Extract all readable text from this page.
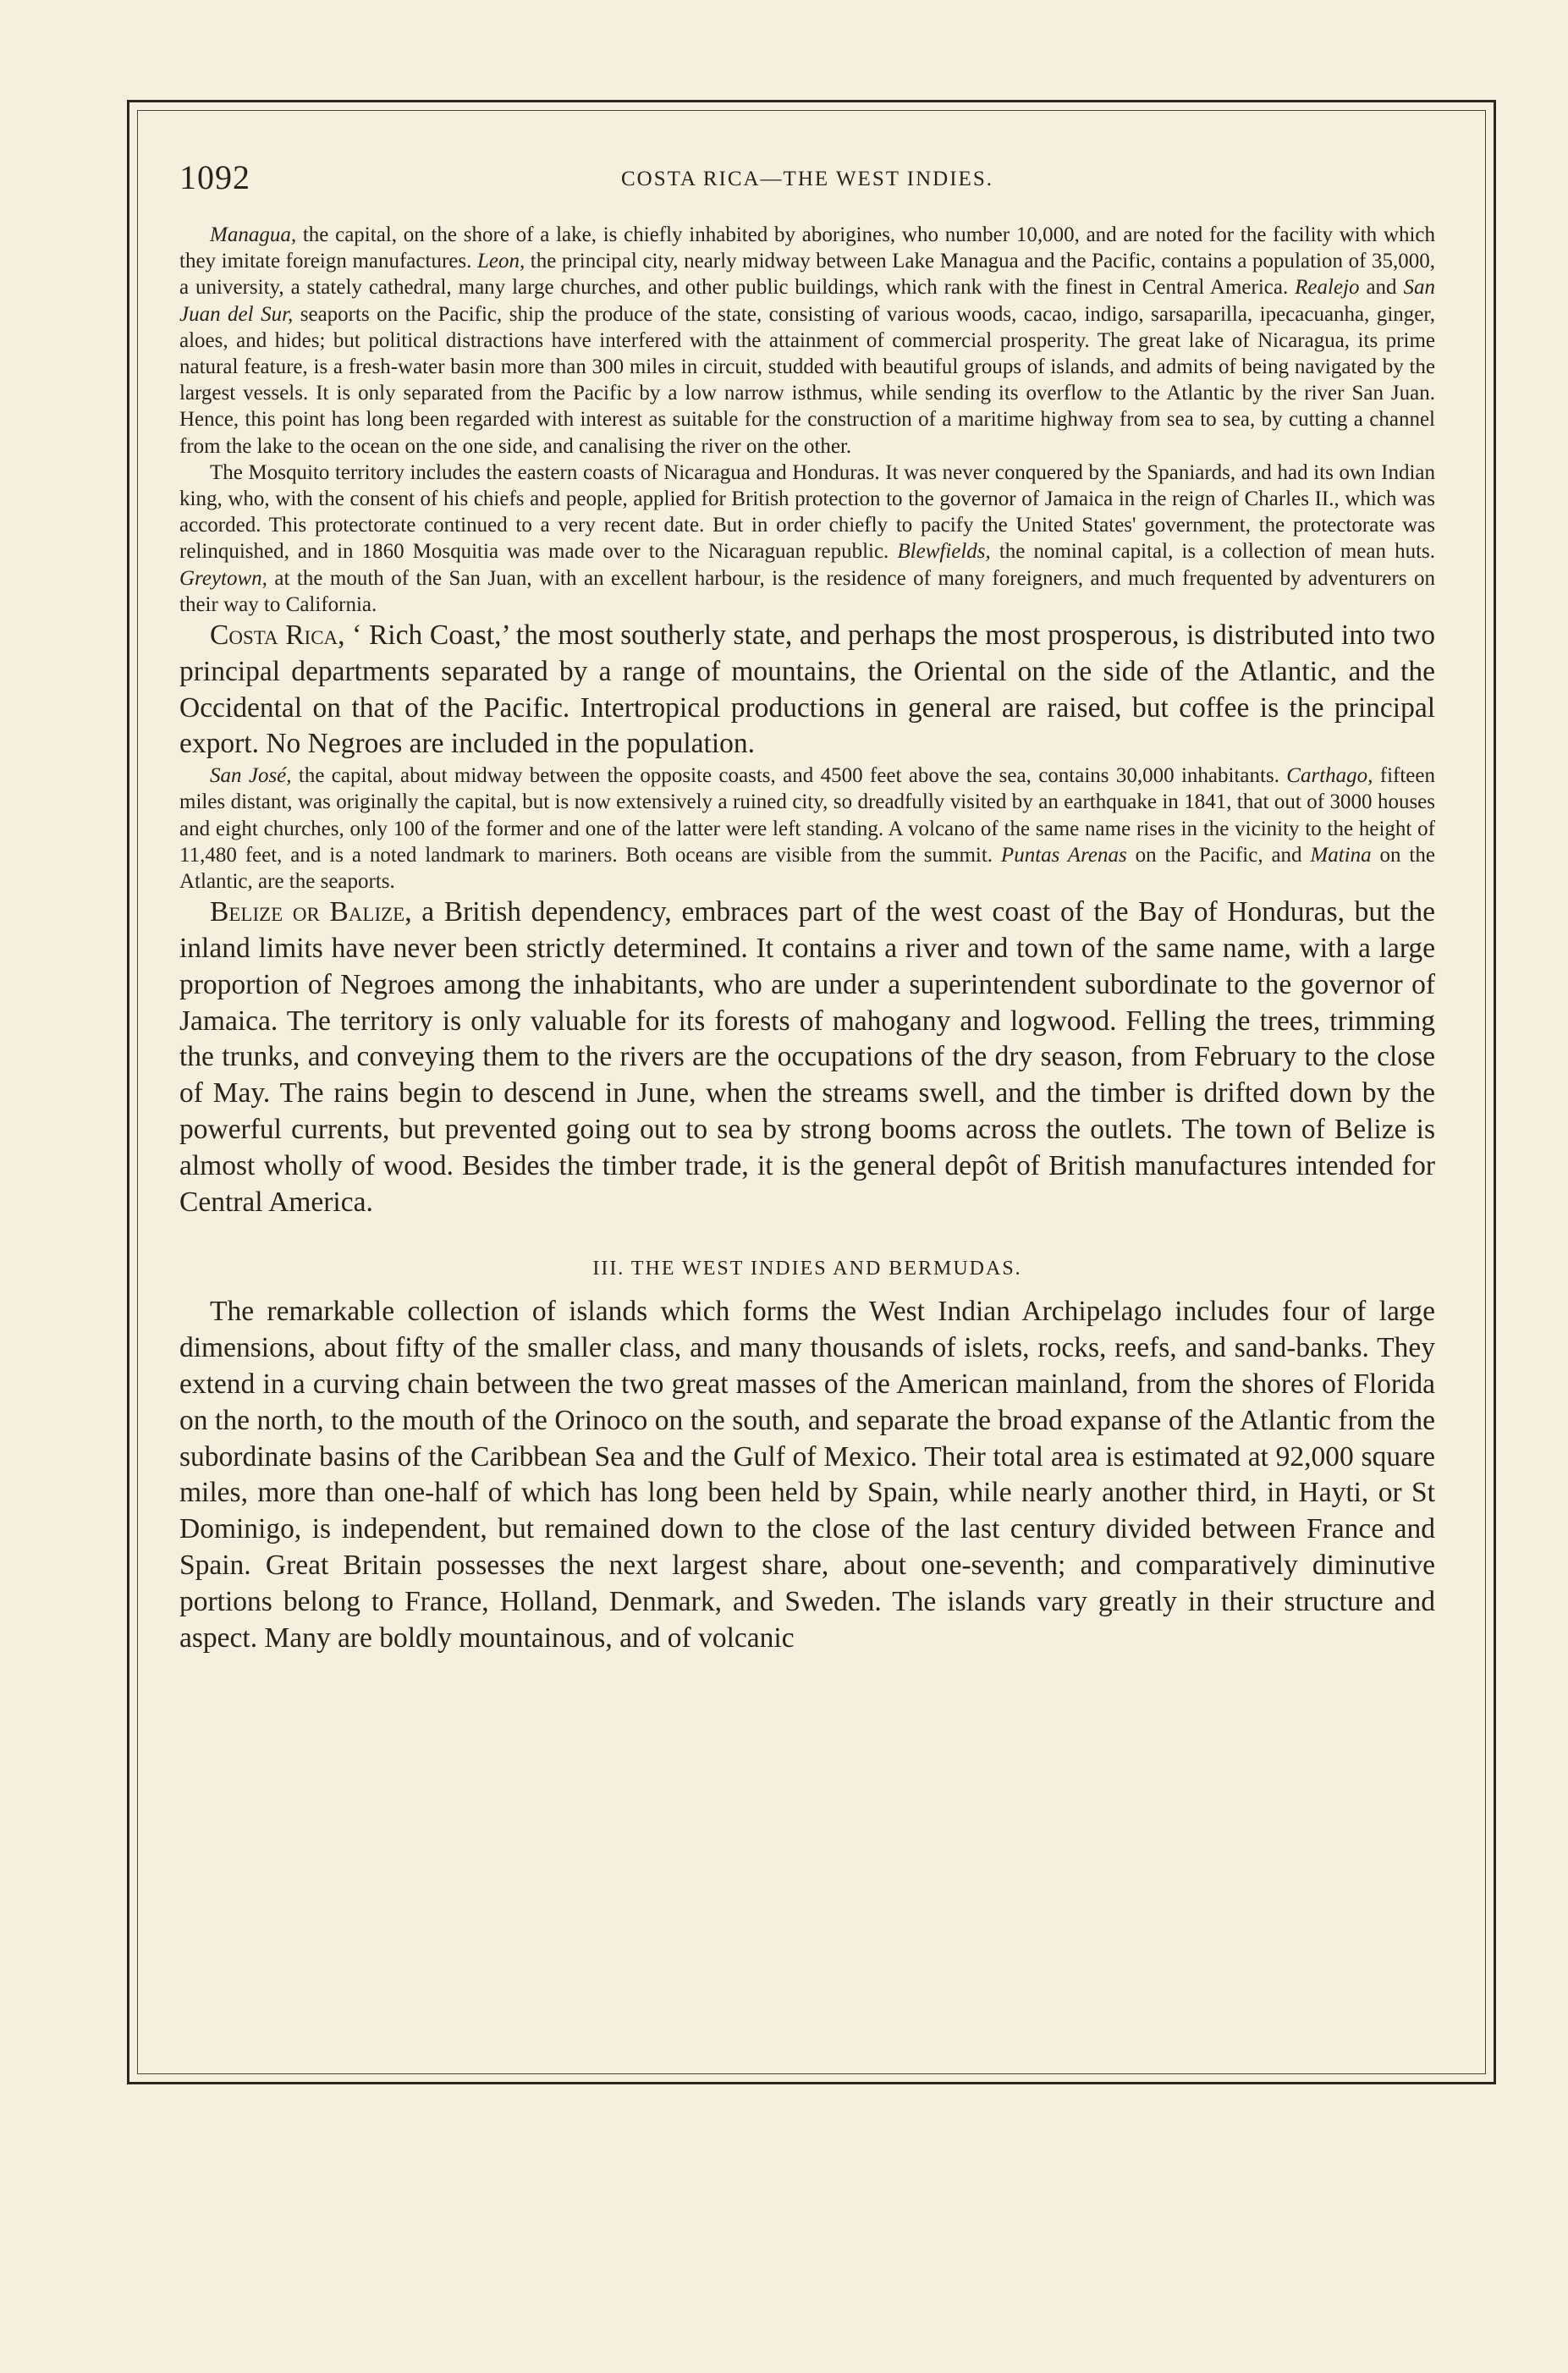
1092	COSTA RICA—THE WEST INDIES.

Managua, the capital, on the shore of a lake, is chiefly inhabited by aborigines, who number 10,000, and are noted for the facility with which they imitate foreign manufactures. Leon, the principal city, nearly midway between Lake Managua and the Pacific, contains a population of 35,000, a university, a stately cathedral, many large churches, and other public buildings, which rank with the finest in Central America. Realejo and San Juan del Sur, seaports on the Pacific, ship the produce of the state, consisting of various woods, cacao, indigo, sarsaparilla, ipecacuanha, ginger, aloes, and hides; but political distractions have interfered with the attainment of commercial prosperity. The great lake of Nicaragua, its prime natural feature, is a fresh-water basin more than 300 miles in circuit, studded with beautiful groups of islands, and admits of being navigated by the largest vessels. It is only separated from the Pacific by a low narrow isthmus, while sending its overflow to the Atlantic by the river San Juan. Hence, this point has long been regarded with interest as suitable for the construction of a maritime highway from sea to sea, by cutting a channel from the lake to the ocean on the one side, and canalising the river on the other.

The Mosquito territory includes the eastern coasts of Nicaragua and Honduras. It was never conquered by the Spaniards, and had its own Indian king, who, with the consent of his chiefs and people, applied for British protection to the governor of Jamaica in the reign of Charles II., which was accorded. This protectorate continued to a very recent date. But in order chiefly to pacify the United States' government, the protectorate was relinquished, and in 1860 Mosquitia was made over to the Nicaraguan republic. Blewfields, the nominal capital, is a collection of mean huts. Greytown, at the mouth of the San Juan, with an excellent harbour, is the residence of many foreigners, and much frequented by adventurers on their way to California.

Costa Rica, ‘ Rich Coast,’ the most southerly state, and perhaps the most prosperous, is distributed into two principal departments separated by a range of mountains, the Oriental on the side of the Atlantic, and the Occidental on that of the Pacific. Intertropical productions in general are raised, but coffee is the principal export. No Negroes are included in the population.

San José, the capital, about midway between the opposite coasts, and 4500 feet above the sea, contains 30,000 inhabitants. Carthago, fifteen miles distant, was originally the capital, but is now extensively a ruined city, so dreadfully visited by an earthquake in 1841, that out of 3000 houses and eight churches, only 100 of the former and one of the latter were left standing. A volcano of the same name rises in the vicinity to the height of 11,480 feet, and is a noted landmark to mariners. Both oceans are visible from the summit. Puntas Arenas on the Pacific, and Matina on the Atlantic, are the seaports.

Belize or Balize, a British dependency, embraces part of the west coast of the Bay of Honduras, but the inland limits have never been strictly determined. It contains a river and town of the same name, with a large proportion of Negroes among the inhabitants, who are under a superintendent subordinate to the governor of Jamaica. The territory is only valuable for its forests of mahogany and logwood. Felling the trees, trimming the trunks, and conveying them to the rivers are the occupations of the dry season, from February to the close of May. The rains begin to descend in June, when the streams swell, and the timber is drifted down by the powerful currents, but prevented going out to sea by strong booms across the outlets. The town of Belize is almost wholly of wood. Besides the timber trade, it is the general depôt of British manufactures intended for Central America.

III. THE WEST INDIES AND BERMUDAS.

The remarkable collection of islands which forms the West Indian Archipelago includes four of large dimensions, about fifty of the smaller class, and many thousands of islets, rocks, reefs, and sand-banks. They extend in a curving chain between the two great masses of the American mainland, from the shores of Florida on the north, to the mouth of the Orinoco on the south, and separate the broad expanse of the Atlantic from the subordinate basins of the Caribbean Sea and the Gulf of Mexico. Their total area is estimated at 92,000 square miles, more than one-half of which has long been held by Spain, while nearly another third, in Hayti, or St Dominigo, is independent, but remained down to the close of the last century divided between France and Spain. Great Britain possesses the next largest share, about one-seventh; and comparatively diminutive portions belong to France, Holland, Denmark, and Sweden. The islands vary greatly in their structure and aspect. Many are boldly mountainous, and of volcanic
